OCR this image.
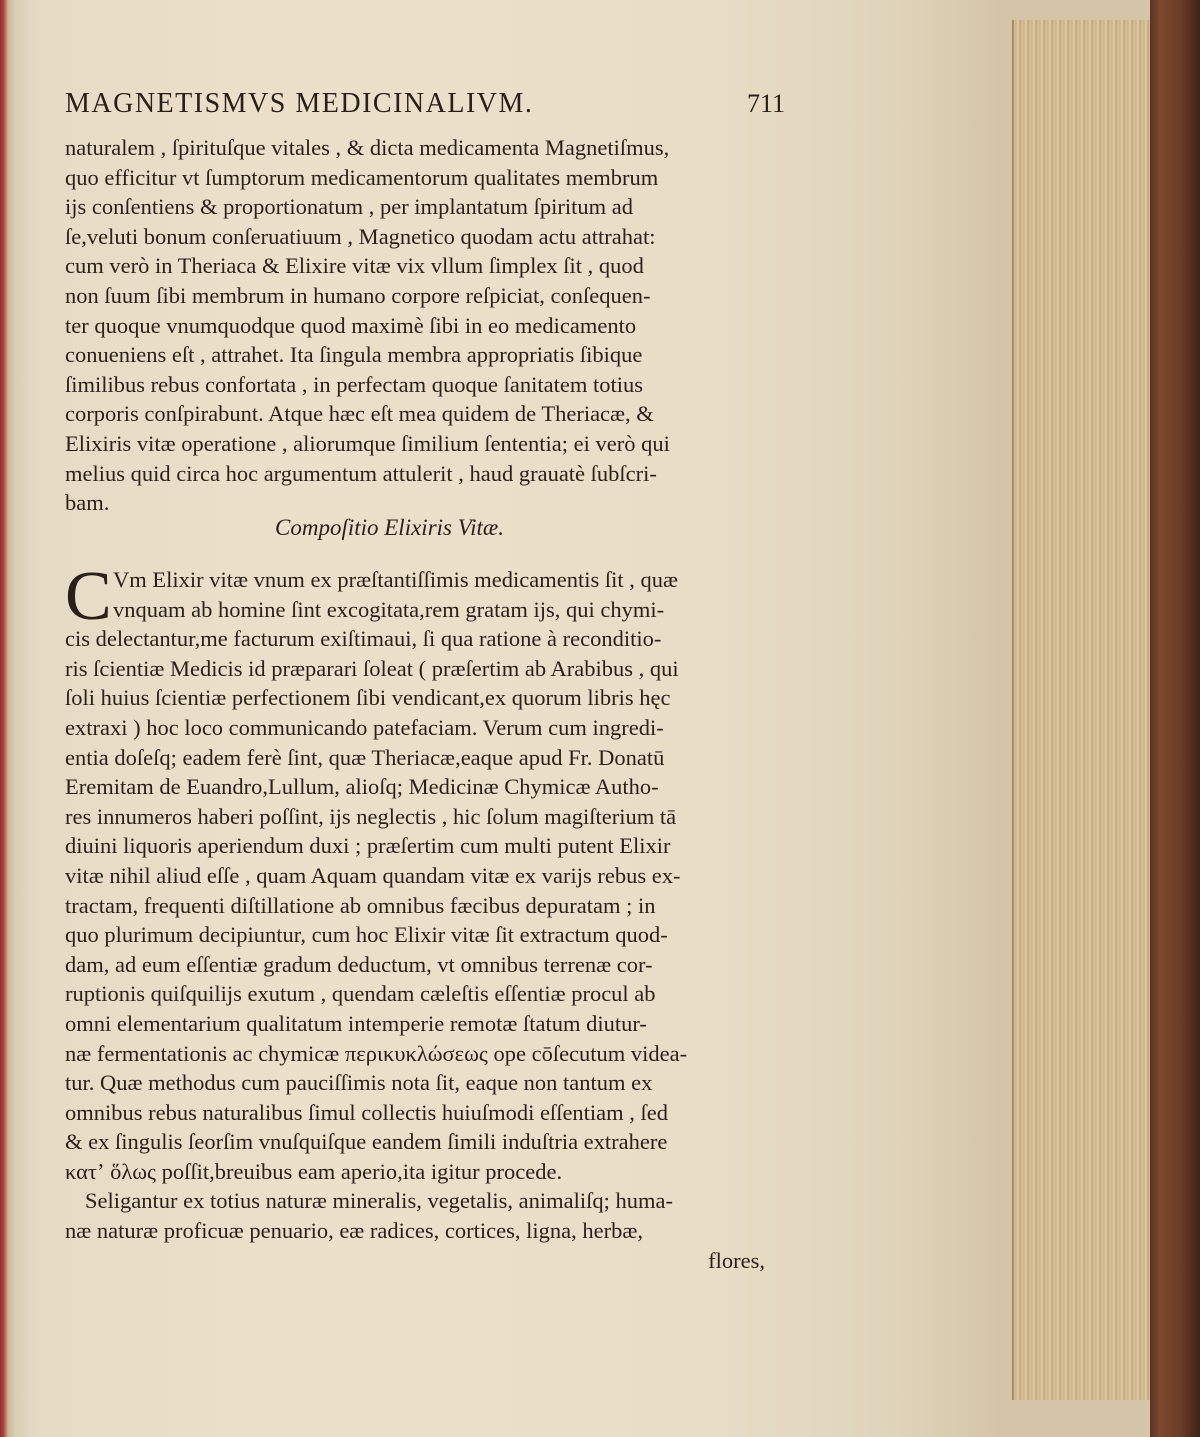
MAGNETISMVS MEDICINALIVM.	711
naturalem , ſpirituſque vitales , & dicta medicamenta Magnetiſmus,
quo efficitur vt ſumptorum medicamentorum qualitates membrum
ijs conſentiens & proportionatum , per implantatum ſpiritum ad
ſe,veluti bonum conſeruatiuum , Magnetico quodam actu attrahat:
cum verò in Theriaca & Elixire vitæ vix vllum ſimplex ſit , quod
non ſuum ſibi membrum in humano corpore reſpiciat, conſequen-
ter quoque vnumquodque quod maximè ſibi in eo medicamento
conueniens eſt , attrahet. Ita ſingula membra appropriatis ſibique
ſimilibus rebus confortata , in perfectam quoque ſanitatem totius
corporis conſpirabunt. Atque hæc eſt mea quidem de Theriacæ, &
Elixiris vitæ operatione , aliorumque ſimilium ſententia; ei verò qui
melius quid circa hoc argumentum attulerit , haud grauatè ſubſcri-
bam.
Compoſitio Elixiris Vitæ.
C Vm Elixir vitæ vnum ex præſtantiſſimis medicamentis ſit , quæ
vnquam ab homine ſint excogitata,rem gratam ijs, qui chymi-
cis delectantur,me facturum exiſtimaui, ſi qua ratione à reconditio-
ris ſcientiæ Medicis id præparari ſoleat ( præſertim ab Arabibus , qui
ſoli huius ſcientiæ perfectionem ſibi vendicant,ex quorum libris hęc
extraxi ) hoc loco communicando patefaciam. Verum cum ingredi-
entia doſeſq; eadem ferè ſint, quæ Theriacæ,eaque apud Fr. Donatū
Eremitam de Euandro,Lullum, alioſq; Medicinæ Chymicæ Autho-
res innumeros haberi poſſint, ijs neglectis , hic ſolum magiſterium tā
diuini liquoris aperiendum duxi ; præſertim cum multi putent Elixir
vitæ nihil aliud eſſe , quam Aquam quandam vitæ ex varijs rebus ex-
tractam, frequenti diſtillatione ab omnibus fæcibus depuratam ; in
quo plurimum decipiuntur, cum hoc Elixir vitæ ſit extractum quod-
dam, ad eum eſſentiæ gradum deductum, vt omnibus terrenæ cor-
ruptionis quiſquilijs exutum , quendam cæleſtis eſſentiæ procul ab
omni elementarium qualitatum intemperie remotæ ſtatum diutur-
næ fermentationis ac chymicæ περικυκλώσεως ope cōſecutum videa-
tur. Quæ methodus cum pauciſſimis nota ſit, eaque non tantum ex
omnibus rebus naturalibus ſimul collectis huiuſmodi eſſentiam , ſed
& ex ſingulis ſeorſim vnuſquiſque eandem ſimili induſtria extrahere
κατʼ ὅλως poſſit,breuibus eam aperio,ita igitur procede.
Seligantur ex totius naturæ mineralis, vegetalis, animaliſq; huma-
næ naturæ proficuæ penuario, eæ radices, cortices, ligna, herbæ,
flores,
